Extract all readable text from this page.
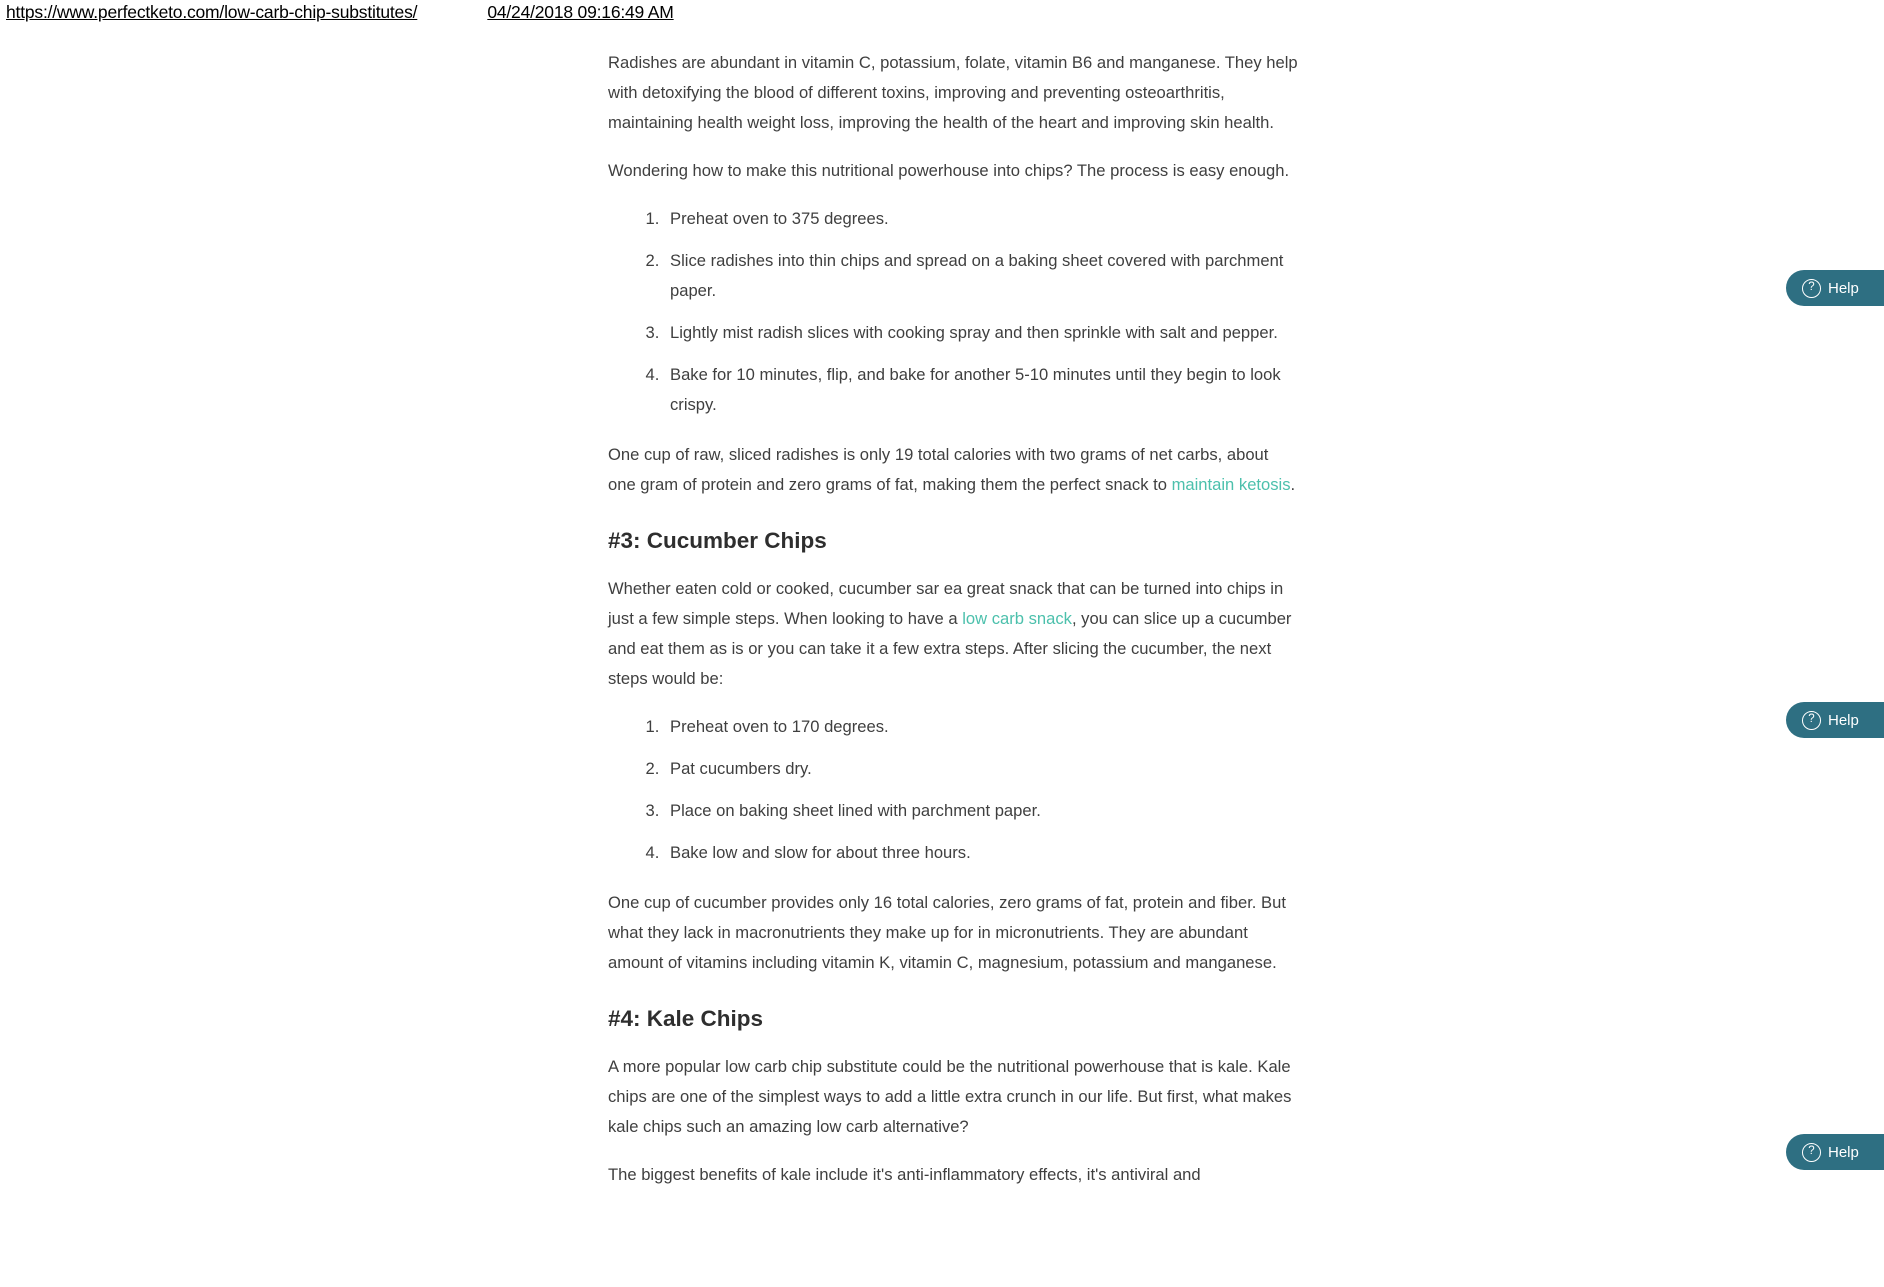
https://www.perfectketo.com/low-carb-chip-substitutes/	04/24/2018 09:16:49 AM

Radishes are abundant in vitamin C, potassium, folate, vitamin B6 and manganese. They help with detoxifying the blood of different toxins, improving and preventing osteoarthritis, maintaining health weight loss, improving the health of the heart and improving skin health.

Wondering how to make this nutritional powerhouse into chips? The process is easy enough.

1. Preheat oven to 375 degrees.
2. Slice radishes into thin chips and spread on a baking sheet covered with parchment paper.
3. Lightly mist radish slices with cooking spray and then sprinkle with salt and pepper.
4. Bake for 10 minutes, flip, and bake for another 5-10 minutes until they begin to look crispy.

One cup of raw, sliced radishes is only 19 total calories with two grams of net carbs, about one gram of protein and zero grams of fat, making them the perfect snack to maintain ketosis.

#3: Cucumber Chips

Whether eaten cold or cooked, cucumber sar ea great snack that can be turned into chips in just a few simple steps. When looking to have a low carb snack, you can slice up a cucumber and eat them as is or you can take it a few extra steps. After slicing the cucumber, the next steps would be:

1. Preheat oven to 170 degrees.
2. Pat cucumbers dry.
3. Place on baking sheet lined with parchment paper.
4. Bake low and slow for about three hours.

One cup of cucumber provides only 16 total calories, zero grams of fat, protein and fiber. But what they lack in macronutrients they make up for in micronutrients. They are abundant amount of vitamins including vitamin K, vitamin C, magnesium, potassium and manganese.

#4: Kale Chips

A more popular low carb chip substitute could be the nutritional powerhouse that is kale. Kale chips are one of the simplest ways to add a little extra crunch in our life. But first, what makes kale chips such an amazing low carb alternative?

The biggest benefits of kale include it's anti-inflammatory effects, it's antiviral and

? Help
? Help
? Help
